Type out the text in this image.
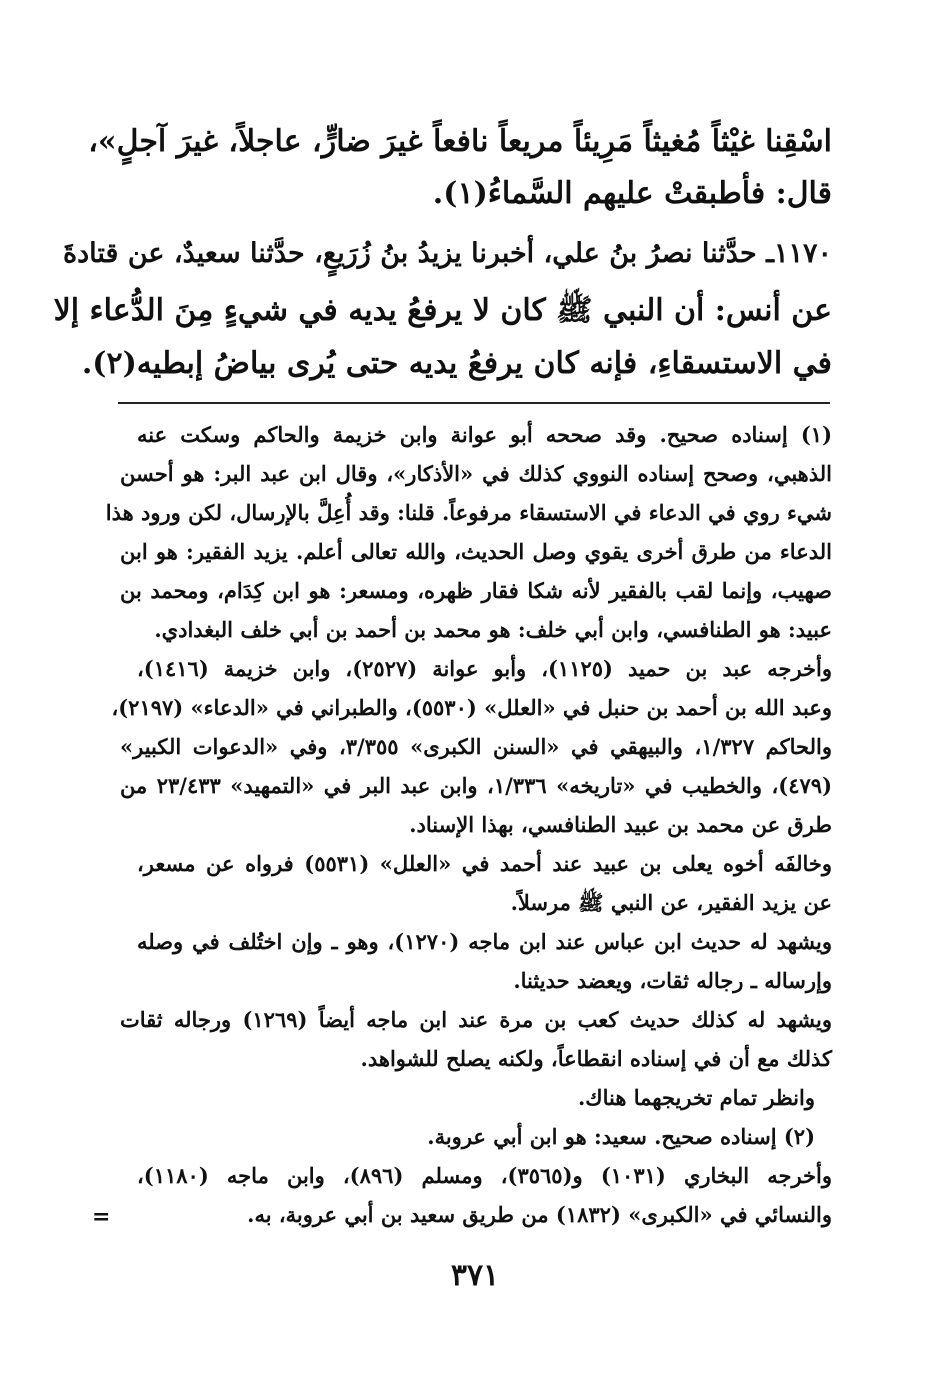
اسْقِنا غيْثاً مُغيثاً مَرِيئاً مريعاً نافعاً غيرَ ضارٍّ، عاجلاً، غيرَ آجلٍ»،
قال: فأطبقتْ عليهم السَّماءُ(١).
١١٧٠ـ حدَّثنا نصرُ بنُ علي، أخبرنا يزيدُ بنُ زُرَيعٍ، حدَّثنا سعيدٌ، عن قتادةَ
عن أنس: أن النبي ﷺ كان لا يرفعُ يديه في شيءٍ مِنَ الدُّعاء إلا
في الاستسقاءِ، فإنه كان يرفعُ يديه حتى يُرى بياضُ إبطيه(٢).
(١) إسناده صحيح. وقد صححه أبو عوانة وابن خزيمة والحاكم وسكت عنه
الذهبي، وصحح إسناده النووي كذلك في «الأذكار»، وقال ابن عبد البر: هو أحسن
شيء روي في الدعاء في الاستسقاء مرفوعاً. قلنا: وقد أُعِلَّ بالإرسال، لكن ورود هذا
الدعاء من طرق أخرى يقوي وصل الحديث، والله تعالى أعلم. يزيد الفقير: هو ابن
صهيب، وإنما لقب بالفقير لأنه شكا فقار ظهره، ومسعر: هو ابن كِدَام، ومحمد بن
عبيد: هو الطنافسي، وابن أبي خلف: هو محمد بن أحمد بن أبي خلف البغدادي.
وأخرجه عبد بن حميد (١١٢٥)، وأبو عوانة (٢٥٢٧)، وابن خزيمة (١٤١٦)،
وعبد الله بن أحمد بن حنبل في «العلل» (٥٥٣٠)، والطبراني في «الدعاء» (٢١٩٧)،
والحاكم ١/٣٢٧، والبيهقي في «السنن الكبرى» ٣/٣٥٥، وفي «الدعوات الكبير»
(٤٧٩)، والخطيب في «تاريخه» ١/٣٣٦، وابن عبد البر في «التمهيد» ٢٣/٤٣٣ من
طرق عن محمد بن عبيد الطنافسي، بهذا الإسناد.
وخالفَه أخوه يعلى بن عبيد عند أحمد في «العلل» (٥٥٣١) فرواه عن مسعر،
عن يزيد الفقير، عن النبي ﷺ مرسلاً.
ويشهد له حديث ابن عباس عند ابن ماجه (١٢٧٠)، وهو ـ وإن اختُلف في وصله
وإرساله ـ رجاله ثقات، ويعضد حديثنا.
ويشهد له كذلك حديث كعب بن مرة عند ابن ماجه أيضاً (١٢٦٩) ورجاله ثقات
كذلك مع أن في إسناده انقطاعاً، ولكنه يصلح للشواهد.
وانظر تمام تخريجهما هناك.
(٢) إسناده صحيح. سعيد: هو ابن أبي عروبة.
وأخرجه البخاري (١٠٣١) و(٣٥٦٥)، ومسلم (٨٩٦)، وابن ماجه (١١٨٠)،
والنسائي في «الكبرى» (١٨٣٢) من طريق سعيد بن أبي عروبة، به.
=
٣٧١
